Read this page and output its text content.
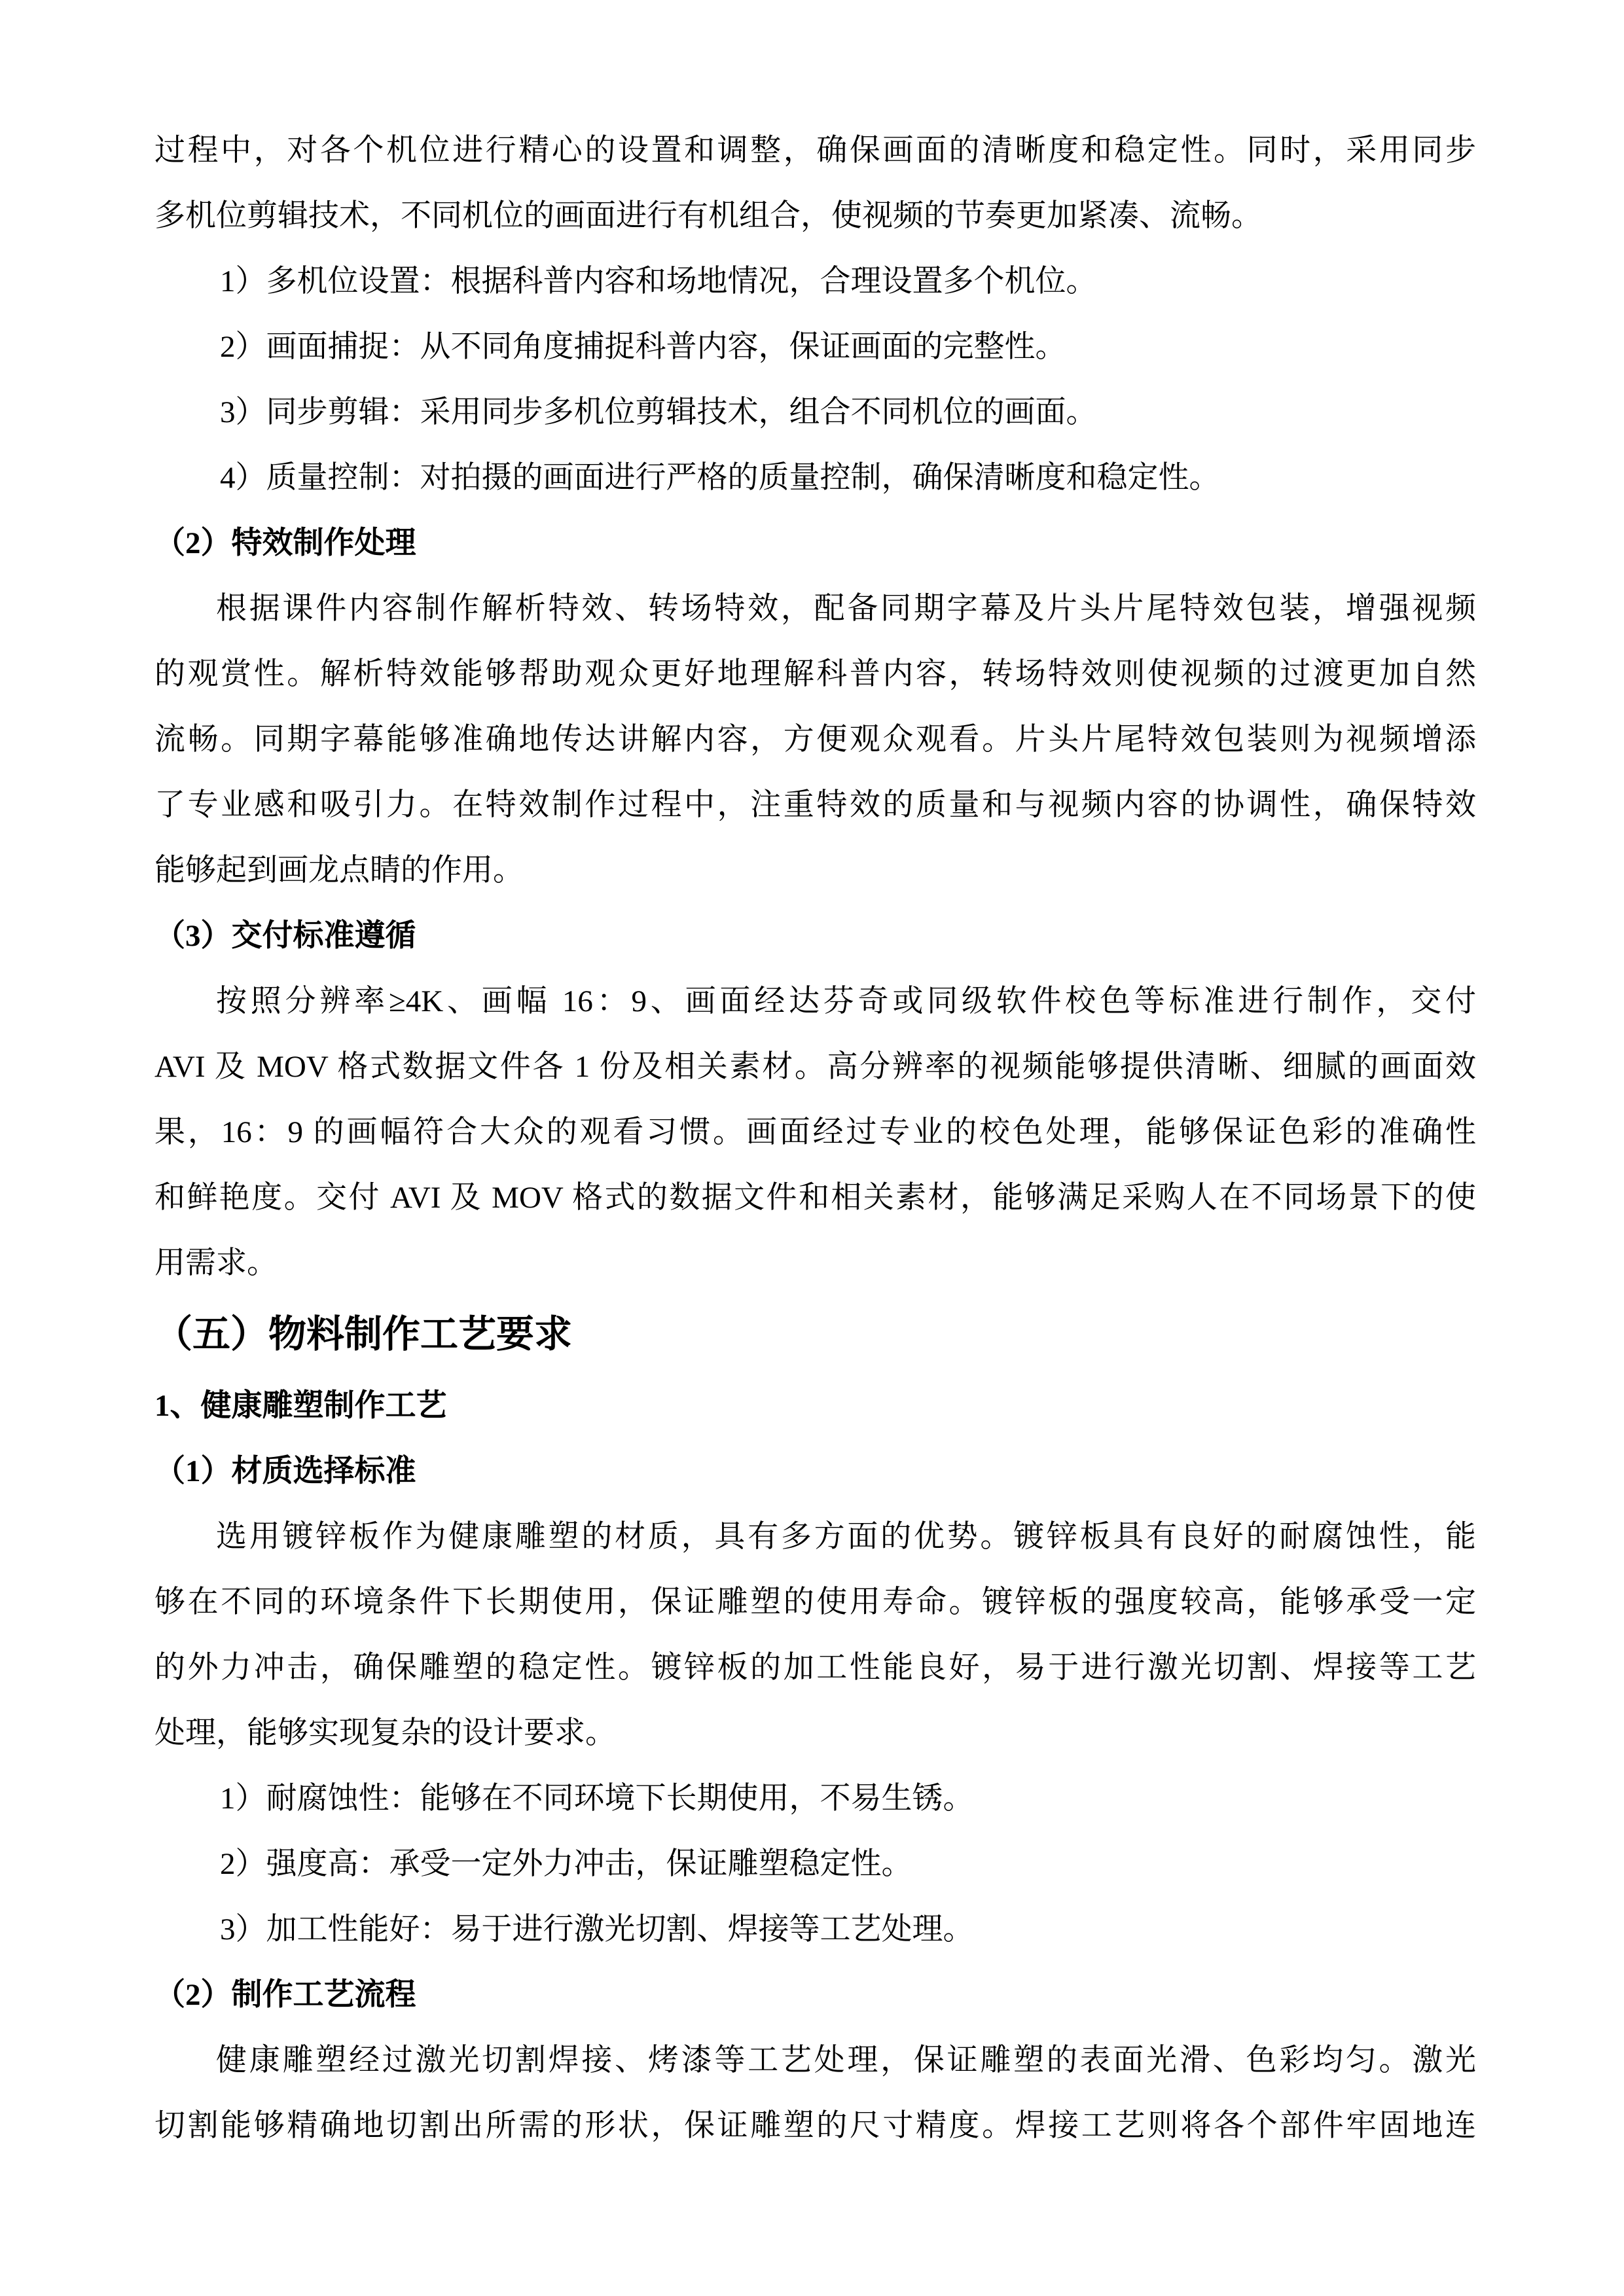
过程中，对各个机位进行精心的设置和调整，确保画面的清晰度和稳定性。同时，采用同步
多机位剪辑技术，不同机位的画面进行有机组合，使视频的节奏更加紧凑、流畅。
1）多机位设置：根据科普内容和场地情况，合理设置多个机位。
2）画面捕捉：从不同角度捕捉科普内容，保证画面的完整性。
3）同步剪辑：采用同步多机位剪辑技术，组合不同机位的画面。
4）质量控制：对拍摄的画面进行严格的质量控制，确保清晰度和稳定性。
（2）特效制作处理
根据课件内容制作解析特效、转场特效，配备同期字幕及片头片尾特效包装，增强视频
的观赏性。解析特效能够帮助观众更好地理解科普内容，转场特效则使视频的过渡更加自然
流畅。同期字幕能够准确地传达讲解内容，方便观众观看。片头片尾特效包装则为视频增添
了专业感和吸引力。在特效制作过程中，注重特效的质量和与视频内容的协调性，确保特效
能够起到画龙点睛的作用。
（3）交付标准遵循
按照分辨率≥4K、画幅 16：9、画面经达芬奇或同级软件校色等标准进行制作，交付
AVI 及 MOV 格式数据文件各 1 份及相关素材。高分辨率的视频能够提供清晰、细腻的画面效
果，16：9 的画幅符合大众的观看习惯。画面经过专业的校色处理，能够保证色彩的准确性
和鲜艳度。交付 AVI 及 MOV 格式的数据文件和相关素材，能够满足采购人在不同场景下的使
用需求。
（五）物料制作工艺要求
1、健康雕塑制作工艺
（1）材质选择标准
选用镀锌板作为健康雕塑的材质，具有多方面的优势。镀锌板具有良好的耐腐蚀性，能
够在不同的环境条件下长期使用，保证雕塑的使用寿命。镀锌板的强度较高，能够承受一定
的外力冲击，确保雕塑的稳定性。镀锌板的加工性能良好，易于进行激光切割、焊接等工艺
处理，能够实现复杂的设计要求。
1）耐腐蚀性：能够在不同环境下长期使用，不易生锈。
2）强度高：承受一定外力冲击，保证雕塑稳定性。
3）加工性能好：易于进行激光切割、焊接等工艺处理。
（2）制作工艺流程
健康雕塑经过激光切割焊接、烤漆等工艺处理，保证雕塑的表面光滑、色彩均匀。激光
切割能够精确地切割出所需的形状，保证雕塑的尺寸精度。焊接工艺则将各个部件牢固地连
